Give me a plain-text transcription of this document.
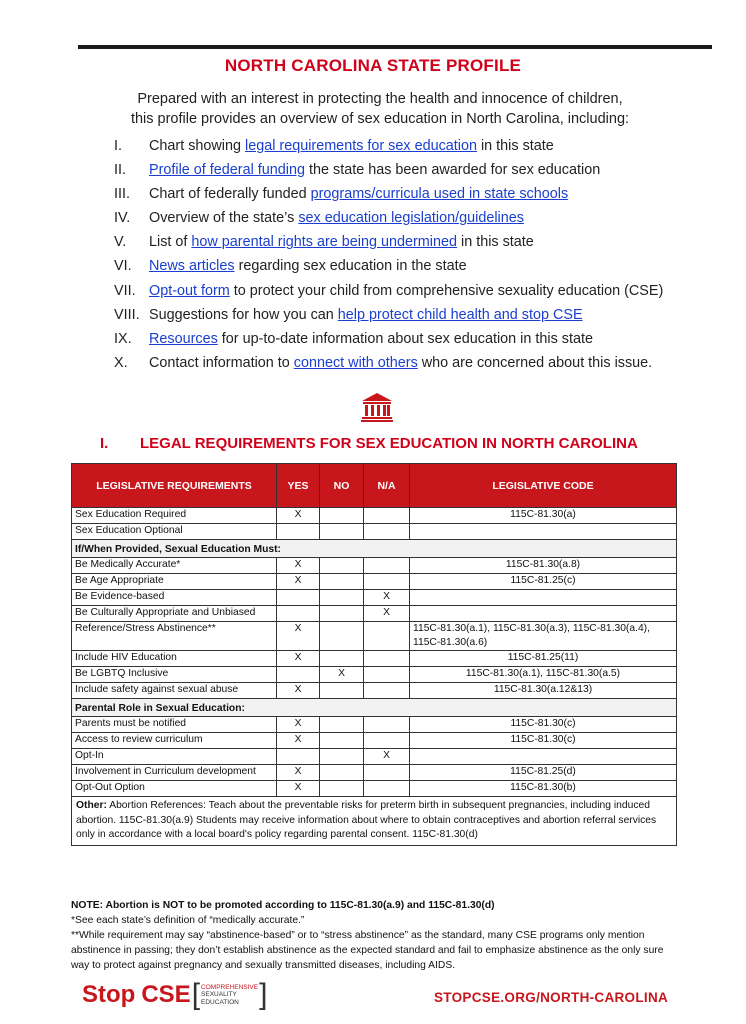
NORTH CAROLINA STATE PROFILE
Prepared with an interest in protecting the health and innocence of children,
this profile provides an overview of sex education in North Carolina, including:
I. Chart showing legal requirements for sex education in this state
II. Profile of federal funding the state has been awarded for sex education
III. Chart of federally funded programs/curricula used in state schools
IV. Overview of the state’s sex education legislation/guidelines
V. List of how parental rights are being undermined in this state
VI. News articles regarding sex education in the state
VII. Opt-out form to protect your child from comprehensive sexuality education (CSE)
VIII. Suggestions for how you can help protect child health and stop CSE
IX. Resources for up-to-date information about sex education in this state
X. Contact information to connect with others who are concerned about this issue.
I. LEGAL REQUIREMENTS FOR SEX EDUCATION IN NORTH CAROLINA
LEGISLATIVE REQUIREMENTS	YES	NO	N/A	LEGISLATIVE CODE
Sex Education Required	X			115C-81.30(a)
Sex Education Optional				
If/When Provided, Sexual Education Must:				
Be Medically Accurate*	X			115C-81.30(a.8)
Be Age Appropriate	X			115C-81.25(c)
Be Evidence-based			X	
Be Culturally Appropriate and Unbiased			X	
Reference/Stress Abstinence**	X			115C-81.30(a.1), 115C-81.30(a.3), 115C-81.30(a.4), 115C-81.30(a.6)
Include HIV Education	X			115C-81.25(11)
Be LGBTQ Inclusive		X		115C-81.30(a.1), 115C-81.30(a.5)
Include safety against sexual abuse	X			115C-81.30(a.12&13)
Parental Role in Sexual Education:				
Parents must be notified	X			115C-81.30(c)
Access to review curriculum	X			115C-81.30(c)
Opt-In			X	
Involvement in Curriculum development	X			115C-81.25(d)
Opt-Out Option	X			115C-81.30(b)
Other: Abortion References: Teach about the preventable risks for preterm birth in subsequent pregnancies, including induced abortion. 115C-81.30(a.9) Students may receive information about where to obtain contraceptives and abortion referral services only in accordance with a local board's policy regarding parental consent. 115C-81.30(d)				
NOTE: Abortion is NOT to be promoted according to 115C-81.30(a.9) and 115C-81.30(d)
*See each state’s definition of “medically accurate.”
**While requirement may say “abstinence-based” or to “stress abstinence” as the standard, many CSE programs only mention abstinence in passing; they don’t establish abstinence as the expected standard and fail to emphasize abstinence as the only sure way to protect against pregnancy and sexually transmitted diseases, including AIDS.
Stop CSE [ COMPREHENSIVE
SEXUALITY
EDUCATION ]	STOPCSE.ORG/NORTH-CAROLINA
